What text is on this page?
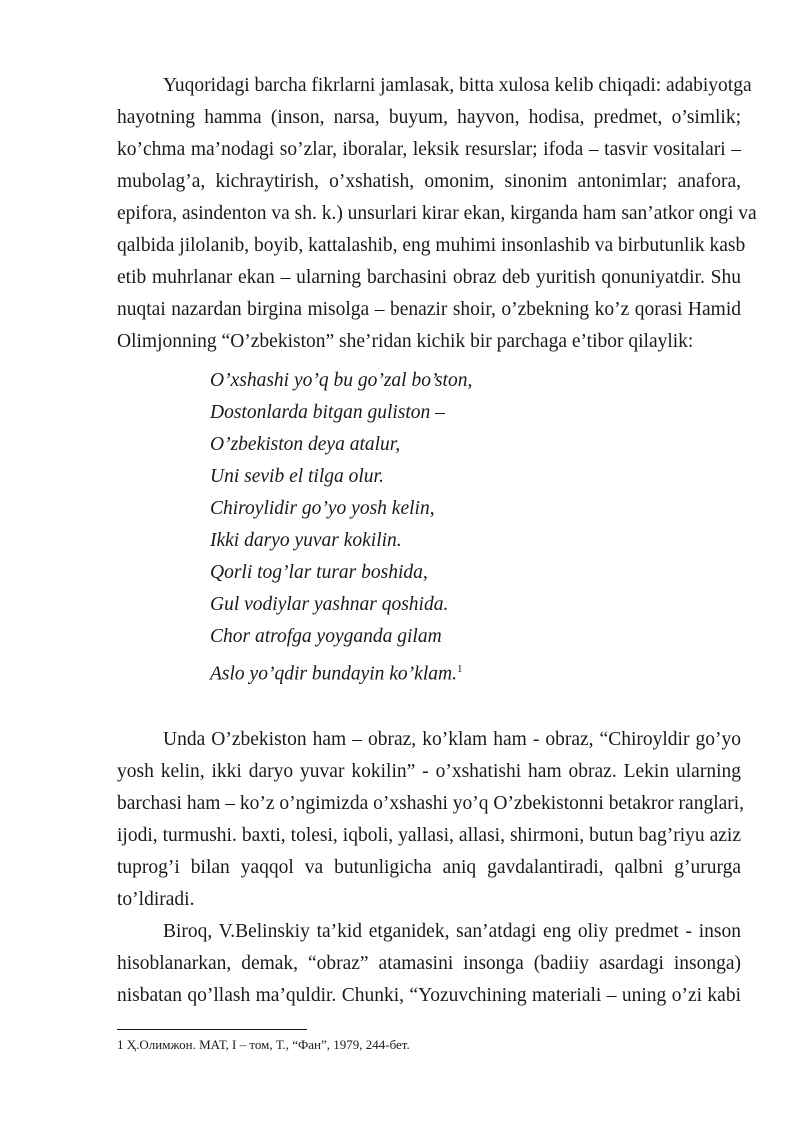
Yuqoridagi barcha fikrlarni jamlasak, bitta xulosa kelib chiqadi: adabiyotga
hayotning hamma (inson, narsa, buyum, hayvon, hodisa, predmet, o’simlik;
ko’chma ma’nodagi so’zlar, iboralar, leksik resurslar; ifoda – tasvir vositalari –
mubolag’a, kichraytirish, o’xshatish, omonim, sinonim antonimlar; anafora,
epifora, asindenton va sh. k.) unsurlari kirar ekan, kirganda ham san’atkor ongi va
qalbida jilolanib, boyib, kattalashib, eng muhimi insonlashib va birbutunlik kasb
etib muhrlanar ekan – ularning barchasini obraz deb yuritish qonuniyatdir. Shu
nuqtai nazardan birgina misolga – benazir shoir, o’zbekning ko’z qorasi Hamid
Olimjonning “O’zbekiston” she’ridan kichik bir parchaga e’tibor qilaylik:
O’xshashi yo’q bu go’zal bo’ston,
Dostonlarda bitgan guliston –
O’zbekiston deya atalur,
Uni sevib el tilga olur.
Chiroylidir go’yo yosh kelin,
Ikki daryo yuvar kokilin.
Qorli tog’lar turar boshida,
Gul vodiylar yashnar qoshida.
Chor atrofga yoyganda gilam
Aslo yo’qdir bundayin ko’klam.$^1$
Unda O’zbekiston ham – obraz, ko’klam ham - obraz, “Chiroyldir go’yo
yosh kelin, ikki daryo yuvar kokilin” - o’xshatishi ham obraz. Lekin ularning
barchasi ham – ko’z o’ngimizda o’xshashi yo’q O’zbekistonni betakror ranglari,
ijodi, turmushi. baxti, tolesi, iqboli, yallasi, allasi, shirmoni, butun bag’riyu aziz
tuprog’i bilan yaqqol va butunligicha aniq gavdalantiradi, qalbni g’ururga
to’ldiradi.
Biroq, V.Belinskiy ta’kid etganidek, san’atdagi eng oliy predmet - inson
hisoblanarkan, demak, “obraz” atamasini insonga (badiiy asardagi insonga)
nisbatan qo’llash ma’quldir. Chunki, “Yozuvchining materiali – uning o’zi kabi
1 Ҳ.Олимжон. МАТ, I – том, Т., “Фан”, 1979, 244-бет.
